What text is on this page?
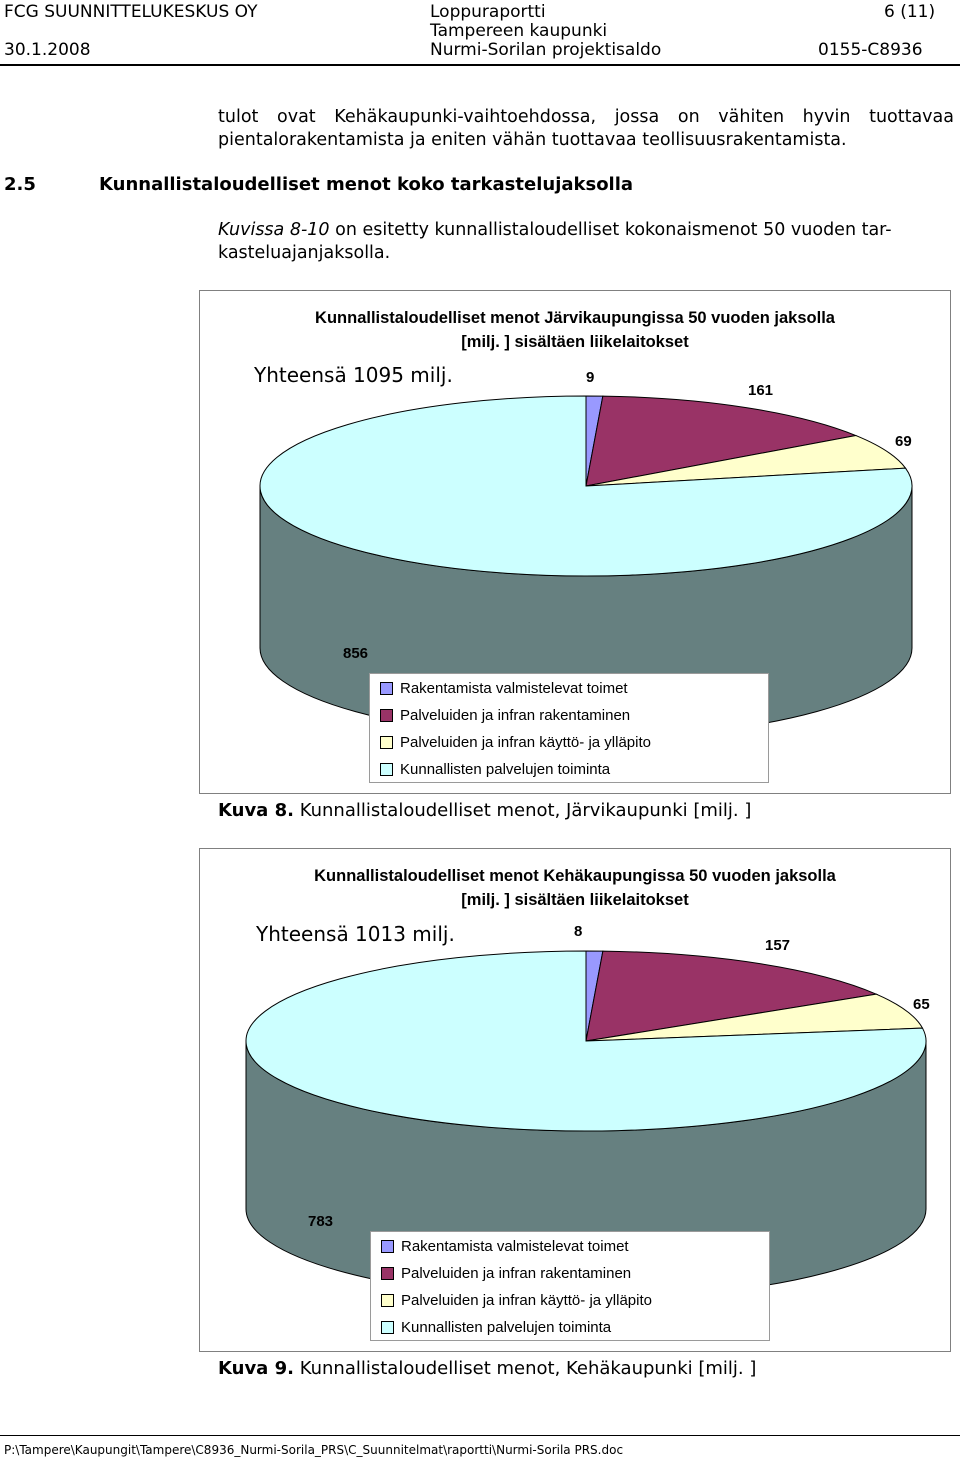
FCG SUUNNITTELUKESKUS OY
30.1.2008
Loppuraportti
Tampereen kaupunki
Nurmi-Sorilan projektisaldo
6 (11)
0155-C8936
tulot ovat Kehäkaupunki-vaihtoehdossa, jossa on vähiten hyvin tuottavaa
pientalorakentamista ja eniten vähän tuottavaa teollisuusrakentamista.
2.5	Kunnallistaloudelliset menot koko tarkastelujaksolla
Kuvissa 8-10 on esitetty kunnallistaloudelliset kokonaismenot 50 vuoden tar-
kasteluajanjaksolla.
Kunnallistaloudelliset menot Järvikaupungissa 50 vuoden jaksolla
[milj. ] sisältäen liikelaitokset
Yhteensä 1095 milj.	9
161
69
856
Rakentamista valmistelevat toimet
Palveluiden ja infran rakentaminen
Palveluiden ja infran käyttö- ja ylläpito
Kunnallisten palvelujen toiminta
Kuva 8. Kunnallistaloudelliset menot, Järvikaupunki [milj. ]
Kunnallistaloudelliset menot Kehäkaupungissa 50 vuoden jaksolla
[milj. ] sisältäen liikelaitokset
Yhteensä 1013 milj.	8
157
65
783
Rakentamista valmistelevat toimet
Palveluiden ja infran rakentaminen
Palveluiden ja infran käyttö- ja ylläpito
Kunnallisten palvelujen toiminta
Kuva 9. Kunnallistaloudelliset menot, Kehäkaupunki [milj. ]
P:\Tampere\Kaupungit\Tampere\C8936_Nurmi-Sorila_PRS\C_Suunnitelmat\raportti\Nurmi-Sorila PRS.doc
